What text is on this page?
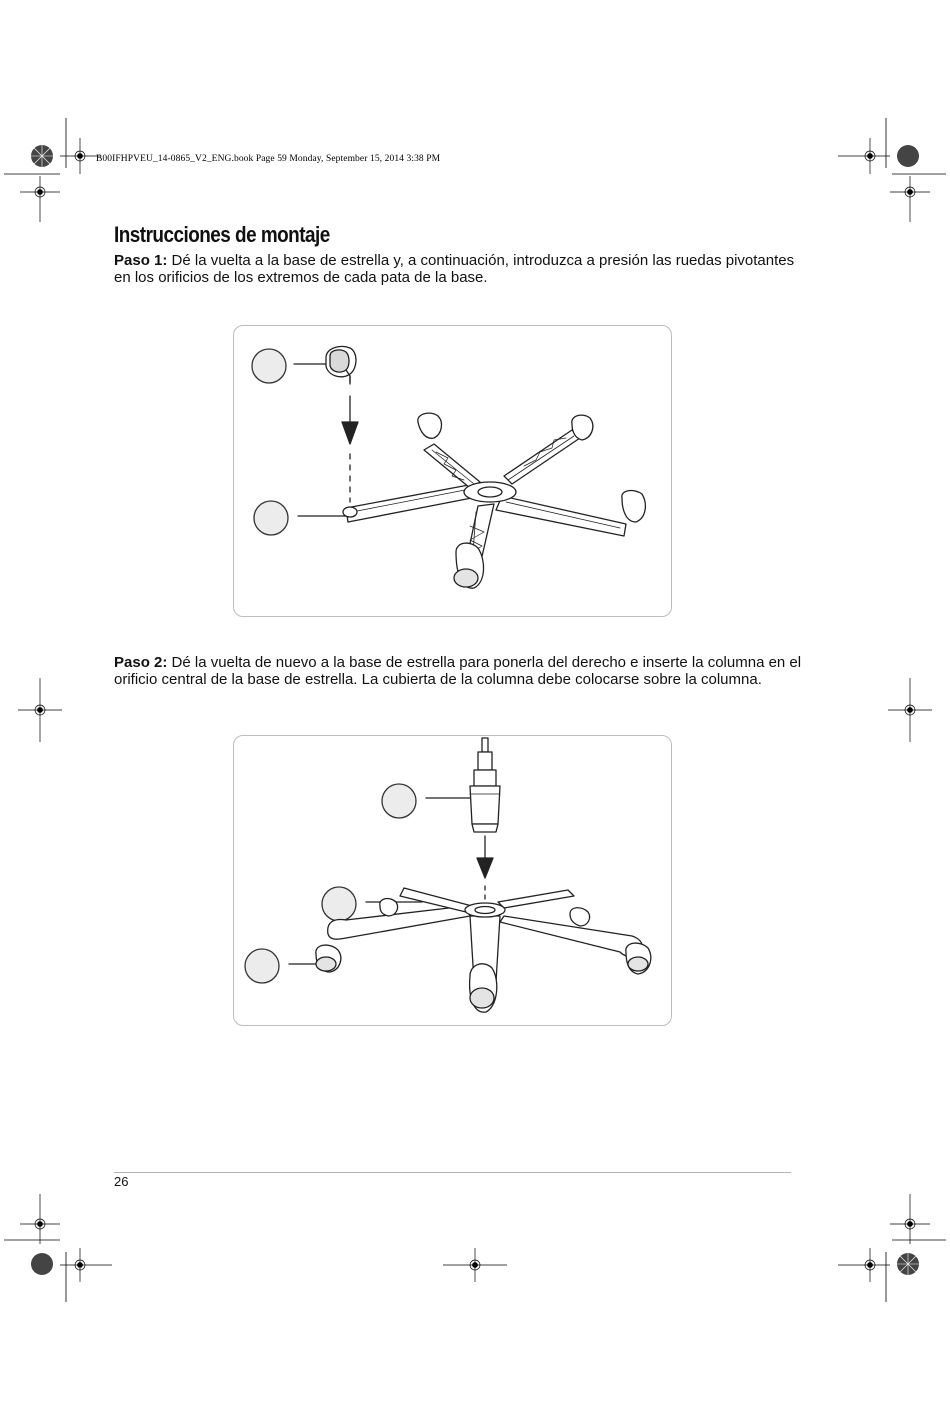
B00IFHPVEU_14-0865_V2_ENG.book Page 59 Monday, September 15, 2014 3:38 PM
Instrucciones de montaje

Paso 1: Dé la vuelta a la base de estrella y, a continuación, introduzca a presión las ruedas pivotantes en los orificios de los extremos de cada pata de la base.

Paso 2: Dé la vuelta de nuevo a la base de estrella para ponerla del derecho e inserte la columna en el orificio central de la base de estrella. La cubierta de la columna debe colocarse sobre la columna.

26
